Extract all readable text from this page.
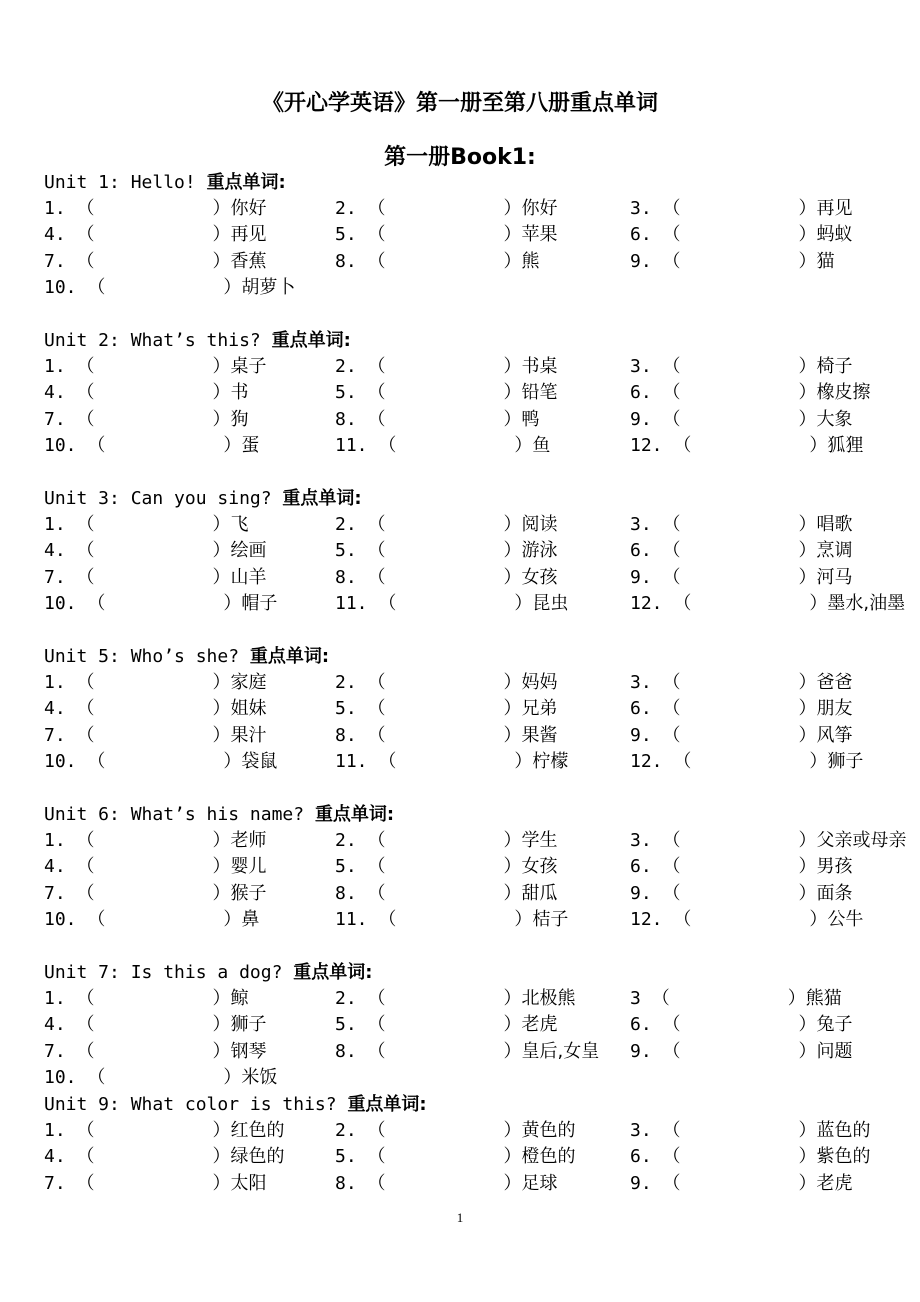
《开心学英语》第一册至第八册重点单词
第一册Book1:
Unit 1: Hello! 重点单词:
1. （	）你好	2. （	）你好	3. （	）再见
4. （	）再见	5. （	）苹果	6. （	）蚂蚁
7. （	）香蕉	8. （	）熊	9. （	）猫
10. （	）胡萝卜
Unit 2: What’s this? 重点单词:
1. （	）桌子	2. （	）书桌	3. （	）椅子
4. （	）书	5. （	）铅笔	6. （	）橡皮擦
7. （	）狗	8. （	）鸭	9. （	）大象
10. （	）蛋	11. （	）鱼	12. （	）狐狸
Unit 3: Can you sing? 重点单词:
1. （	）飞	2. （	）阅读	3. （	）唱歌
4. （	）绘画	5. （	）游泳	6. （	）烹调
7. （	）山羊	8. （	）女孩	9. （	）河马
10. （	）帽子	11. （	）昆虫	12. （	）墨水,油墨
Unit 5: Who’s she? 重点单词:
1. （	）家庭	2. （	）妈妈	3. （	）爸爸
4. （	）姐妹	5. （	）兄弟	6. （	）朋友
7. （	）果汁	8. （	）果酱	9. （	）风筝
10. （	）袋鼠	11. （	）柠檬	12. （	）狮子
Unit 6: What’s his name? 重点单词:
1. （	）老师	2. （	）学生	3. （	）父亲或母亲
4. （	）婴儿	5. （	）女孩	6. （	）男孩
7. （	）猴子	8. （	）甜瓜	9. （	）面条
10. （	）鼻	11. （	）桔子	12. （	）公牛
Unit 7: Is this a dog? 重点单词:
1. （	）鲸	2. （	）北极熊	3 （	）熊猫
4. （	）狮子	5. （	）老虎	6. （	）兔子
7. （	）钢琴	8. （	）皇后,女皇 9. （	）问题
10. （	）米饭
Unit 9: What color is this? 重点单词:
1. （	）红色的	2. （	）黄色的	3. （	）蓝色的
4. （	）绿色的	5. （	）橙色的	6. （	）紫色的
7. （	）太阳	8. （	）足球	9. （	）老虎
1
